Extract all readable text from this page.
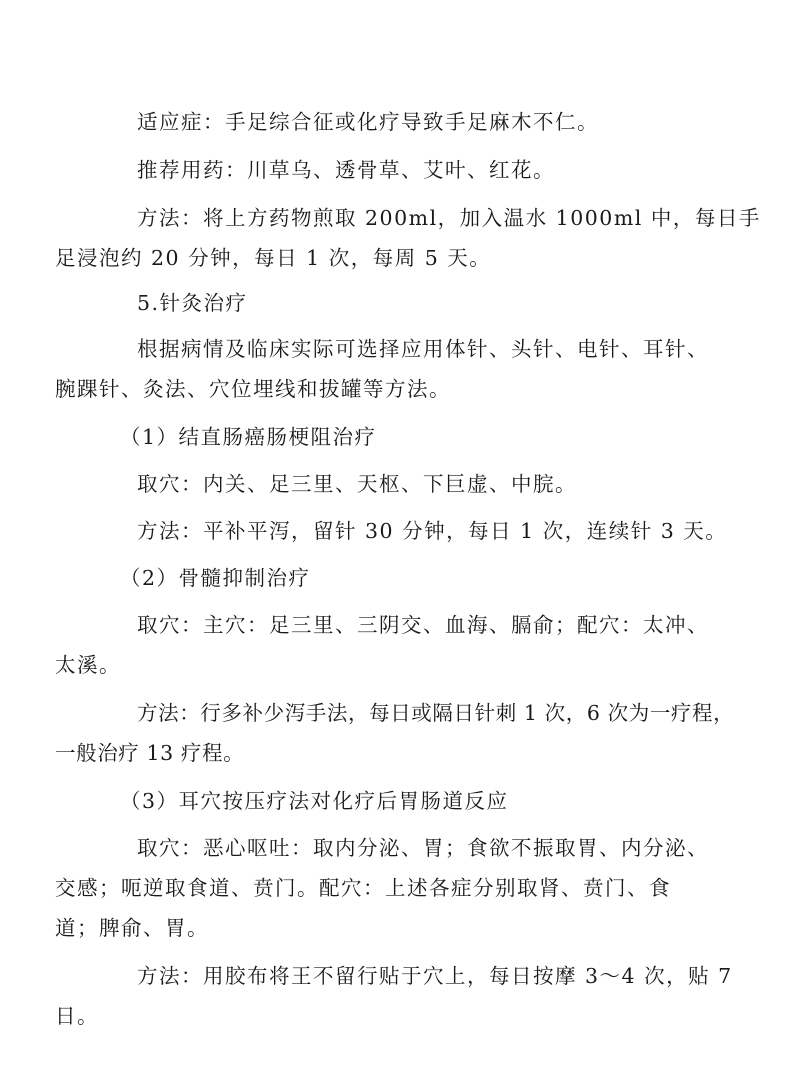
适应症：手足综合征或化疗导致手足麻木不仁。

推荐用药：川草乌、透骨草、艾叶、红花。

方法：将上方药物煎取 200ml，加入温水 1000ml 中，每日手
足浸泡约 20 分钟，每日 1 次，每周 5 天。

5.针灸治疗

根据病情及临床实际可选择应用体针、头针、电针、耳针、
腕踝针、灸法、穴位埋线和拔罐等方法。

（1）结直肠癌肠梗阻治疗

取穴：内关、足三里、天枢、下巨虚、中脘。

方法：平补平泻，留针 30 分钟，每日 1 次，连续针 3 天。

（2）骨髓抑制治疗

取穴：主穴：足三里、三阴交、血海、膈俞；配穴：太冲、
太溪。

方法：行多补少泻手法，每日或隔日针刺 1 次，6 次为一疗程，
一般治疗 13 疗程。

（3）耳穴按压疗法对化疗后胃肠道反应

取穴：恶心呕吐：取内分泌、胃；食欲不振取胃、内分泌、
交感；呃逆取食道、贲门。配穴：上述各症分别取肾、贲门、食
道；脾俞、胃。

方法：用胶布将王不留行贴于穴上，每日按摩 3～4 次，贴 7
日。
